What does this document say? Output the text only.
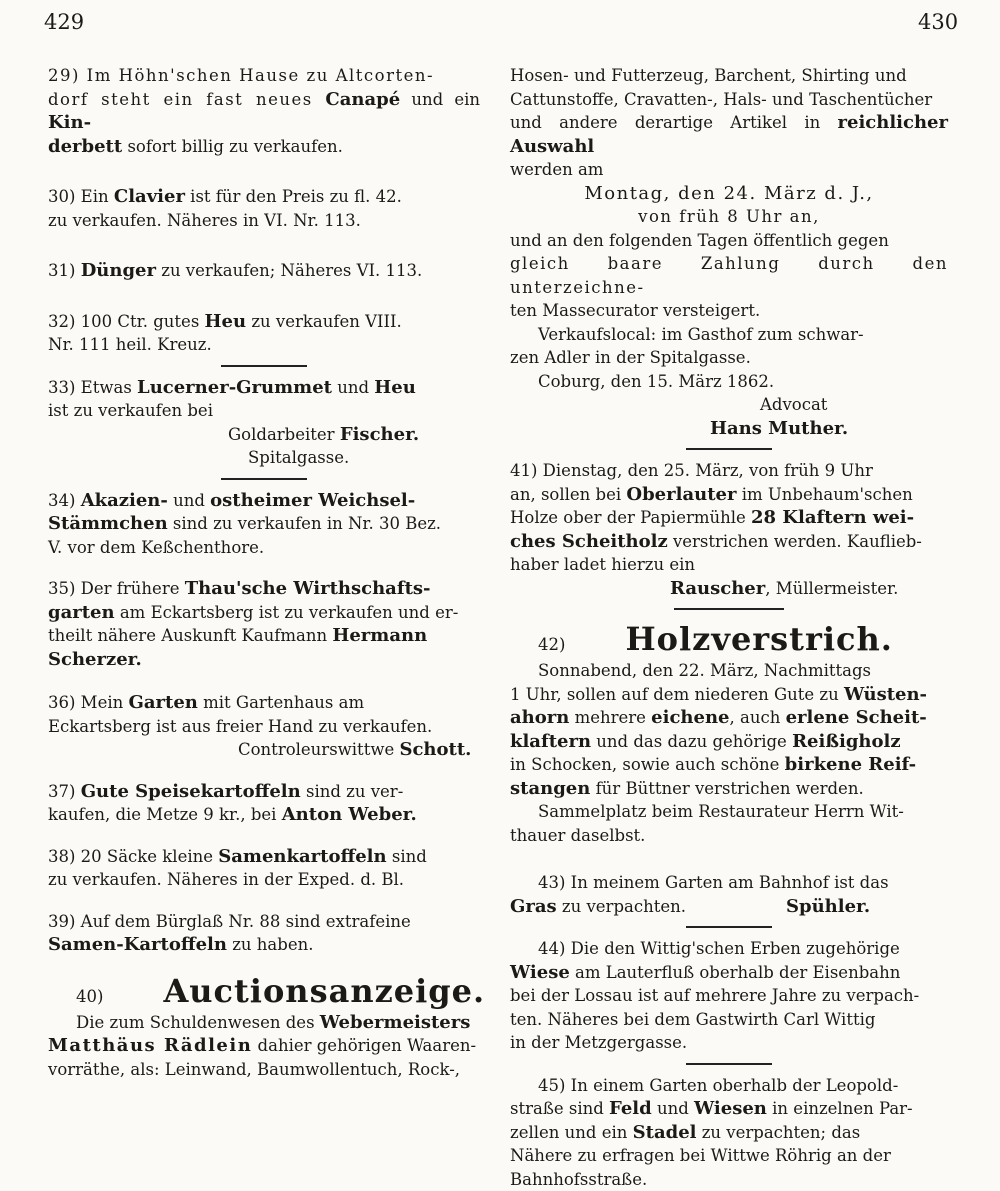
429	430

29) Im Höhn'schen Hause zu Altcorten-
dorf steht ein fast neues Canapé und ein Kin-
derbett sofort billig zu verkaufen.

30) Ein Clavier ist für den Preis zu fl. 42.
zu verkaufen. Näheres in VI. Nr. 113.

31) Dünger zu verkaufen; Näheres VI. 113.

32) 100 Ctr. gutes Heu zu verkaufen VIII.
Nr. 111 heil. Kreuz.

33) Etwas Lucerner-Grummet und Heu
ist zu verkaufen bei
Goldarbeiter Fischer.
Spitalgasse.

34) Akazien- und ostheimer Weichsel-
Stämmchen sind zu verkaufen in Nr. 30 Bez.
V. vor dem Keßchenthore.

35) Der frühere Thau'sche Wirthschafts-
garten am Eckartsberg ist zu verkaufen und er-
theilt nähere Auskunft Kaufmann Hermann
Scherzer.

36) Mein Garten mit Gartenhaus am
Eckartsberg ist aus freier Hand zu verkaufen.
Controleurswittwe Schott.

37) Gute Speisekartoffeln sind zu ver-
kaufen, die Metze 9 kr., bei Anton Weber.

38) 20 Säcke kleine Samenkartoffeln sind
zu verkaufen. Näheres in der Exped. d. Bl.

39) Auf dem Bürglaß Nr. 88 sind extrafeine
Samen-Kartoffeln zu haben.

40) Auctionsanzeige.

Die zum Schuldenwesen des Webermeisters
Matthäus Rädlein dahier gehörigen Waaren-
vorräthe, als: Leinwand, Baumwollentuch, Rock-,

Hosen- und Futterzeug, Barchent, Shirting und
Cattunstoffe, Cravatten-, Hals- und Taschentücher
und andere derartige Artikel in reichlicher Auswahl
werden am

Montag, den 24. März d. J.,

von früh 8 Uhr an,

und an den folgenden Tagen öffentlich gegen
gleich baare Zahlung durch den unterzeichne-
ten Massecurator versteigert.

Verkaufslocal: im Gasthof zum schwar-
zen Adler in der Spitalgasse.

Coburg, den 15. März 1862.

Advocat

Hans Muther.

41) Dienstag, den 25. März, von früh 9 Uhr
an, sollen bei Oberlauter im Unbehaum'schen
Holze ober der Papiermühle 28 Klaftern wei-
ches Scheitholz verstrichen werden. Kauflieb-
haber ladet hierzu ein
Rauscher, Müllermeister.

42) Holzverstrich.

Sonnabend, den 22. März, Nachmittags
1 Uhr, sollen auf dem niederen Gute zu Wüsten-
ahorn mehrere eichene, auch erlene Scheit-
klaftern und das dazu gehörige Reißigholz
in Schocken, sowie auch schöne birkene Reif-
stangen für Büttner verstrichen werden.

Sammelplatz beim Restaurateur Herrn Wit-
thauer daselbst.

43) In meinem Garten am Bahnhof ist das
Gras zu verpachten.	Spühler.

44) Die den Wittig'schen Erben zugehörige
Wiese am Lauterfluß oberhalb der Eisenbahn
bei der Lossau ist auf mehrere Jahre zu verpach-
ten. Näheres bei dem Gastwirth Carl Wittig
in der Metzgergasse.

45) In einem Garten oberhalb der Leopold-
straße sind Feld und Wiesen in einzelnen Par-
zellen und ein Stadel zu verpachten; das
Nähere zu erfragen bei Wittwe Röhrig an der
Bahnhofsstraße.
